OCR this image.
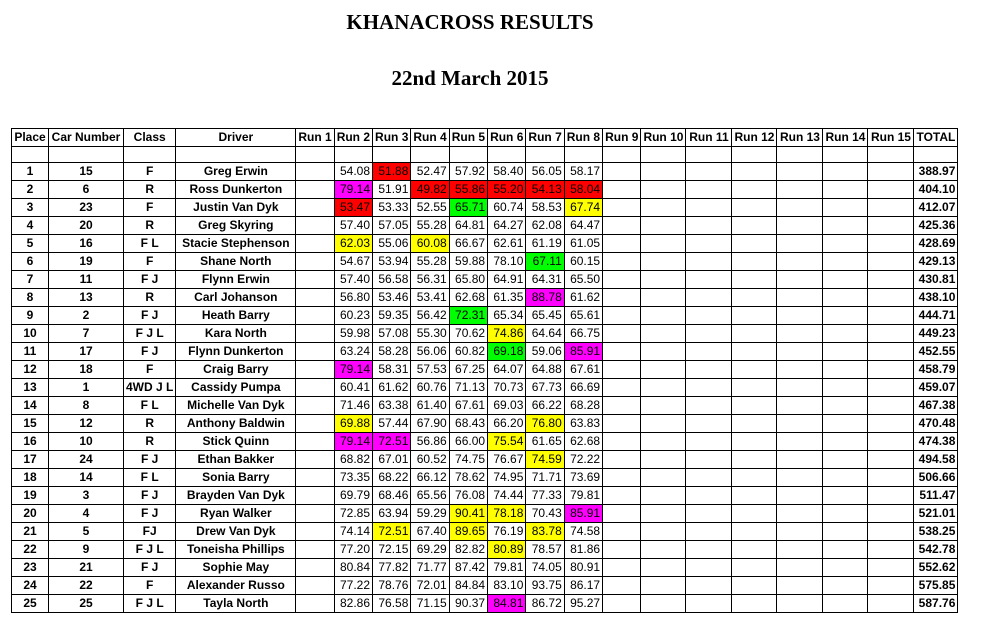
KHANACROSS RESULTS
22nd March 2015
Place	Car Number	Class	Driver	Run 1	Run 2	Run 3	Run 4	Run 5	Run 6	Run 7	Run 8	Run 9	Run 10	Run 11	Run 12	Run 13	Run 14	Run 15	TOTAL

1	15	F	Greg Erwin		54.08	51.88	52.47	57.92	58.40	56.05	58.17								388.97
2	6	R	Ross Dunkerton		79.14	51.91	49.82	55.86	55.20	54.13	58.04								404.10
3	23	F	Justin Van Dyk		53.47	53.33	52.55	65.71	60.74	58.53	67.74								412.07
4	20	R	Greg Skyring		57.40	57.05	55.28	64.81	64.27	62.08	64.47								425.36
5	16	F L	Stacie Stephenson		62.03	55.06	60.08	66.67	62.61	61.19	61.05								428.69
6	19	F	Shane North		54.67	53.94	55.28	59.88	78.10	67.11	60.15								429.13
7	11	F J	Flynn Erwin		57.40	56.58	56.31	65.80	64.91	64.31	65.50								430.81
8	13	R	Carl Johanson		56.80	53.46	53.41	62.68	61.35	88.78	61.62								438.10
9	2	F J	Heath Barry		60.23	59.35	56.42	72.31	65.34	65.45	65.61								444.71
10	7	F J L	Kara North		59.98	57.08	55.30	70.62	74.86	64.64	66.75								449.23
11	17	F J	Flynn Dunkerton		63.24	58.28	56.06	60.82	69.18	59.06	85.91								452.55
12	18	F	Craig Barry		79.14	58.31	57.53	67.25	64.07	64.88	67.61								458.79
13	1	4WD J L	Cassidy Pumpa		60.41	61.62	60.76	71.13	70.73	67.73	66.69								459.07
14	8	F L	Michelle Van Dyk		71.46	63.38	61.40	67.61	69.03	66.22	68.28								467.38
15	12	R	Anthony Baldwin		69.88	57.44	67.90	68.43	66.20	76.80	63.83								470.48
16	10	R	Stick Quinn		79.14	72.51	56.86	66.00	75.54	61.65	62.68								474.38
17	24	F J	Ethan Bakker		68.82	67.01	60.52	74.75	76.67	74.59	72.22								494.58
18	14	F L	Sonia Barry		73.35	68.22	66.12	78.62	74.95	71.71	73.69								506.66
19	3	F J	Brayden Van Dyk		69.79	68.46	65.56	76.08	74.44	77.33	79.81								511.47
20	4	F J	Ryan Walker		72.85	63.94	59.29	90.41	78.18	70.43	85.91								521.01
21	5	FJ	Drew Van Dyk		74.14	72.51	67.40	89.65	76.19	83.78	74.58								538.25
22	9	F J L	Toneisha Phillips		77.20	72.15	69.29	82.82	80.89	78.57	81.86								542.78
23	21	F J	Sophie May		80.84	77.82	71.77	87.42	79.81	74.05	80.91								552.62
24	22	F	Alexander Russo		77.22	78.76	72.01	84.84	83.10	93.75	86.17								575.85
25	25	F J L	Tayla North		82.86	76.58	71.15	90.37	84.81	86.72	95.27								587.76
